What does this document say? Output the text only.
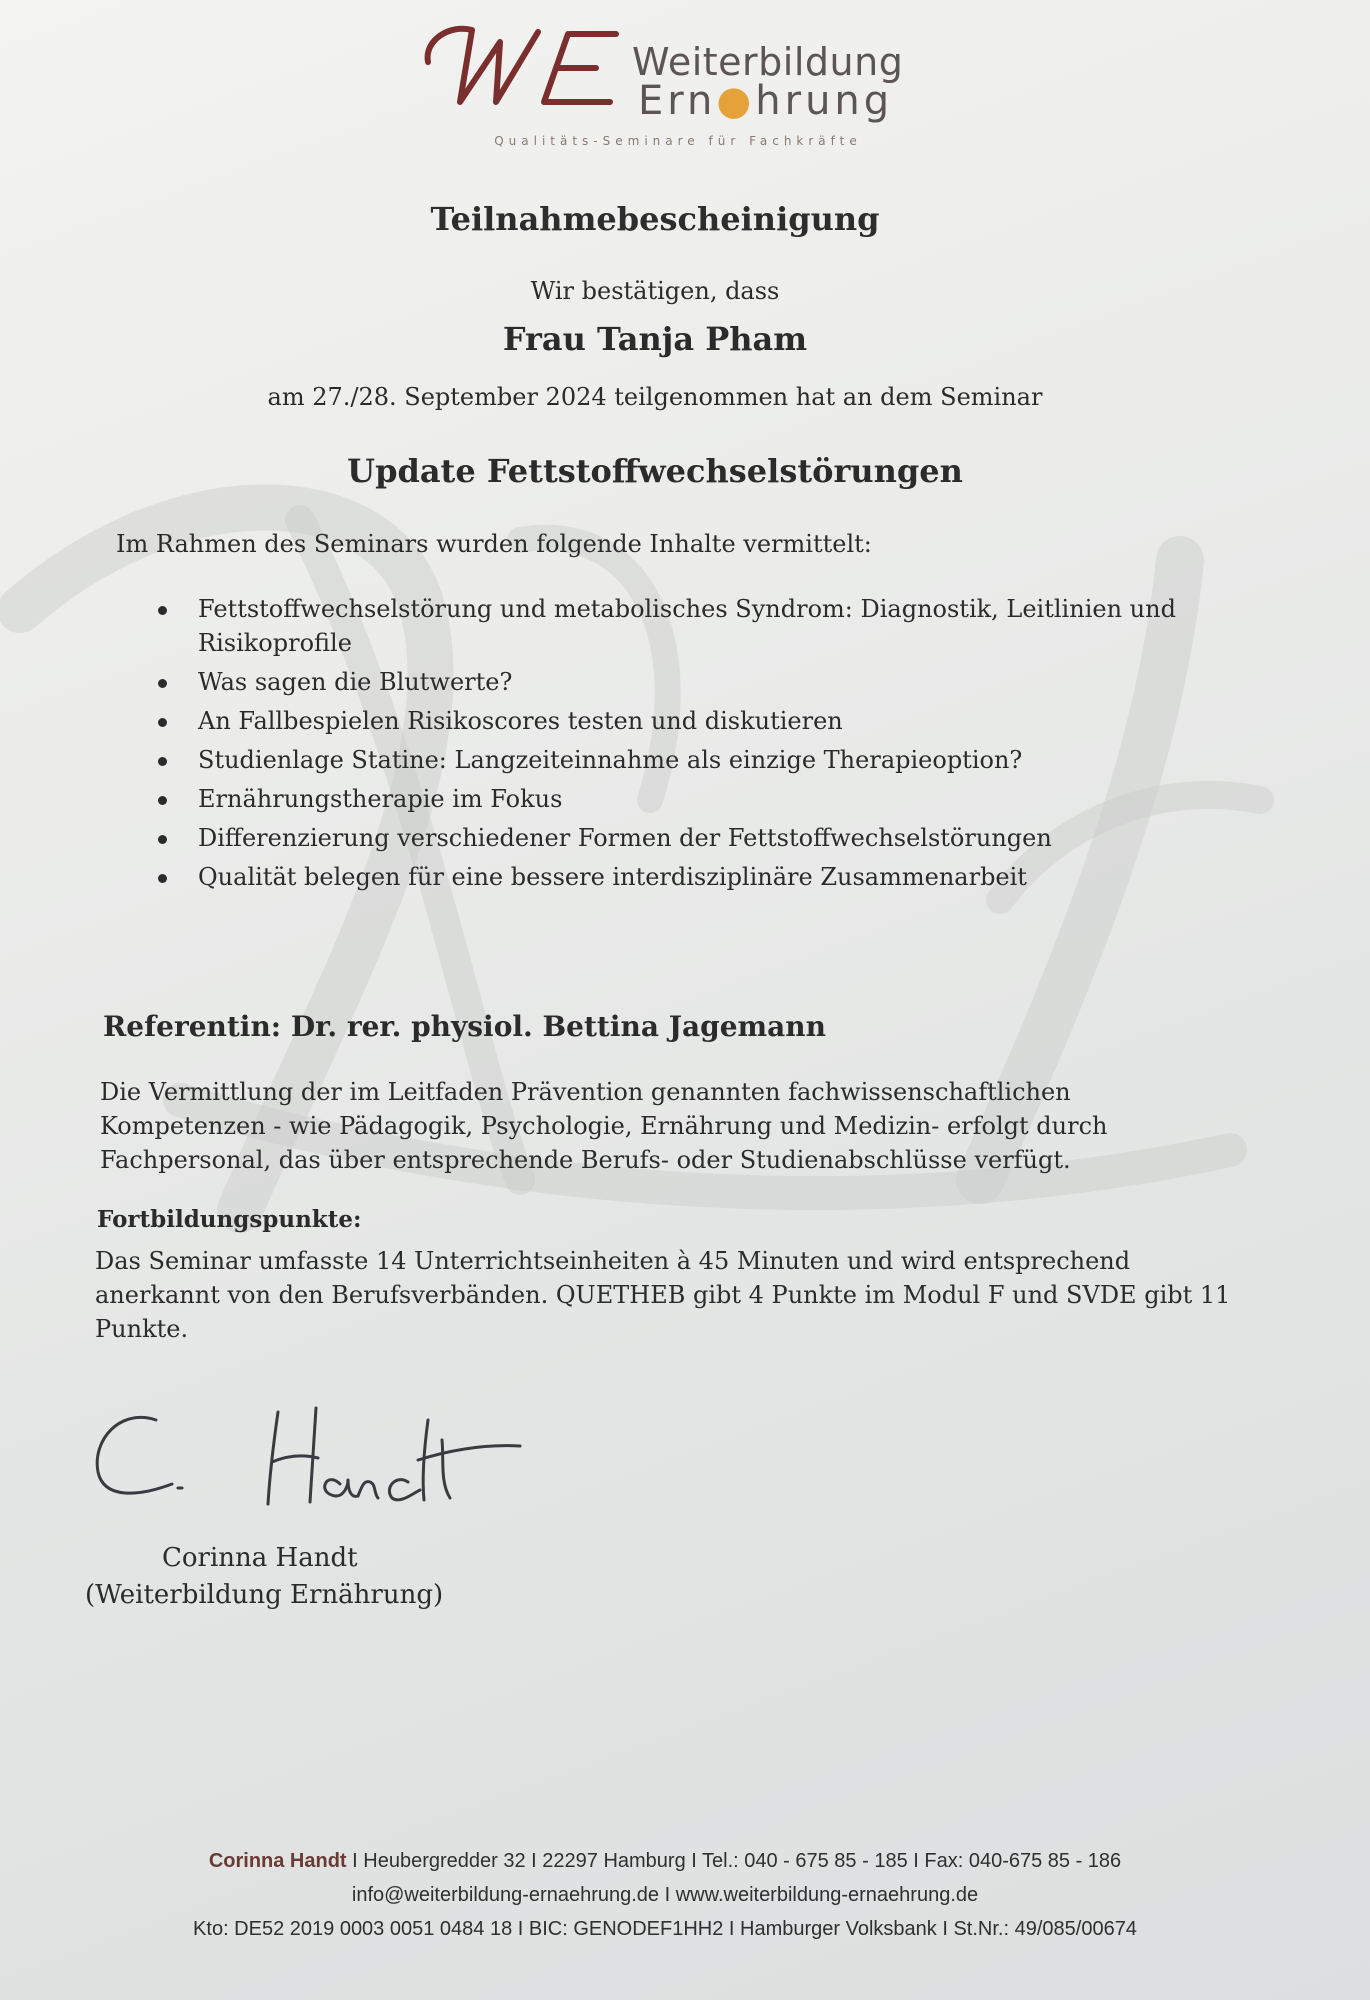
Weiterbildung
Ern●hrung
Qualitäts-Seminare für Fachkräfte
Teilnahmebescheinigung
Wir bestätigen, dass
Frau Tanja Pham
am 27./28. September 2024 teilgenommen hat an dem Seminar
Update Fettstoffwechselstörungen
Im Rahmen des Seminars wurden folgende Inhalte vermittelt:
Fettstoffwechselstörung und metabolisches Syndrom: Diagnostik, Leitlinien und Risikoprofile
Was sagen die Blutwerte?
An Fallbespielen Risikoscores testen und diskutieren
Studienlage Statine: Langzeiteinnahme als einzige Therapieoption?
Ernährungstherapie im Fokus
Differenzierung verschiedener Formen der Fettstoffwechselstörungen
Qualität belegen für eine bessere interdisziplinäre Zusammenarbeit
Referentin: Dr. rer. physiol. Bettina Jagemann

Die Vermittlung der im Leitfaden Prävention genannten fachwissenschaftlichen Kompetenzen - wie Pädagogik, Psychologie, Ernährung und Medizin- erfolgt durch Fachpersonal, das über entsprechende Berufs- oder Studienabschlüsse verfügt.

Fortbildungspunkte:

Das Seminar umfasste 14 Unterrichtseinheiten à 45 Minuten und wird entsprechend anerkannt von den Berufsverbänden. QUETHEB gibt 4 Punkte im Modul F und SVDE gibt 11 Punkte.

Corinna Handt
(Weiterbildung Ernährung)
Corinna Handt I Heubergredder 32 I 22297 Hamburg I Tel.: 040 - 675 85 - 185 I Fax: 040-675 85 - 186
info@weiterbildung-ernaehrung.de I www.weiterbildung-ernaehrung.de
Kto: DE52 2019 0003 0051 0484 18 I BIC: GENODEF1HH2 I Hamburger Volksbank I St.Nr.: 49/085/00674
